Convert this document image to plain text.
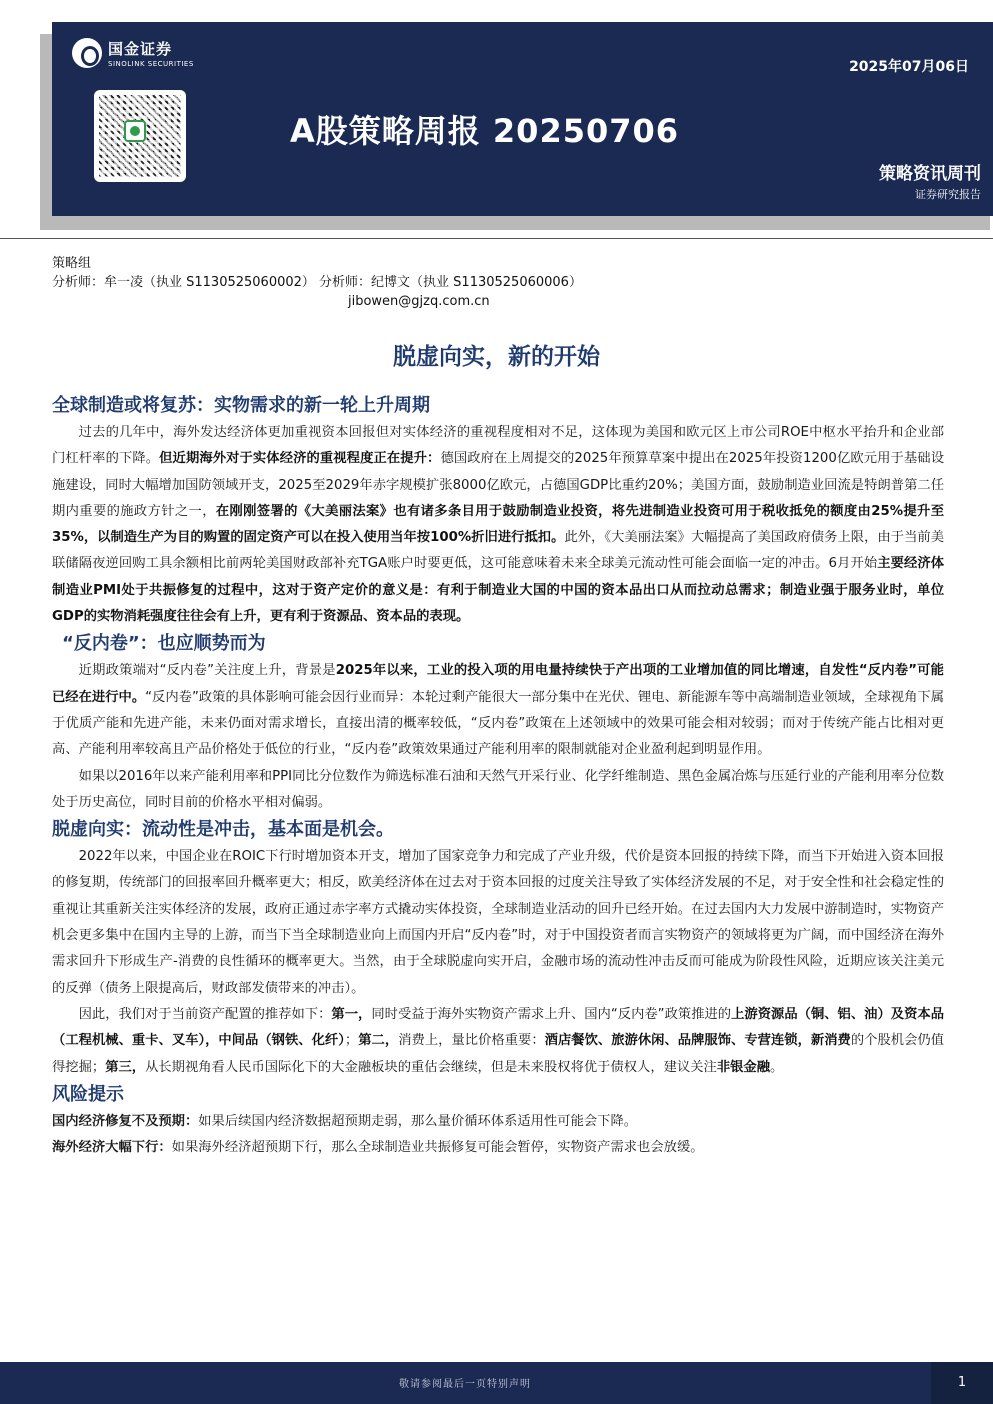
国金证券
SINOLINK SECURITIES	2025年07月06日
A股策略周报 20250706
策略资讯周刊
证券研究报告
策略组
分析师：牟一凌（执业 S1130525060002） 分析师：纪博文（执业 S1130525060006）
jibowen@gjzq.com.cn
脱虚向实，新的开始
全球制造或将复苏：实物需求的新一轮上升周期

过去的几年中，海外发达经济体更加重视资本回报但对实体经济的重视程度相对不足，这体现为美国和欧元区上市公司ROE中枢水平抬升和企业部门杠杆率的下降。但近期海外对于实体经济的重视程度正在提升：德国政府在上周提交的2025年预算草案中提出在2025年投资1200亿欧元用于基础设施建设，同时大幅增加国防领域开支，2025至2029年赤字规模扩张8000亿欧元，占德国GDP比重约20%；美国方面，鼓励制造业回流是特朗普第二任期内重要的施政方针之一，在刚刚签署的《大美丽法案》也有诸多条目用于鼓励制造业投资，将先进制造业投资可用于税收抵免的额度由25%提升至35%，以制造生产为目的购置的固定资产可以在投入使用当年按100%折旧进行抵扣。此外，《大美丽法案》大幅提高了美国政府债务上限，由于当前美联储隔夜逆回购工具余额相比前两轮美国财政部补充TGA账户时要更低，这可能意味着未来全球美元流动性可能会面临一定的冲击。6月开始主要经济体制造业PMI处于共振修复的过程中，这对于资产定价的意义是：有利于制造业大国的中国的资本品出口从而拉动总需求；制造业强于服务业时，单位GDP的实物消耗强度往往会有上升，更有利于资源品、资本品的表现。

“反内卷”：也应顺势而为

近期政策端对“反内卷”关注度上升，背景是2025年以来，工业的投入项的用电量持续快于产出项的工业增加值的同比增速，自发性“反内卷”可能已经在进行中。“反内卷”政策的具体影响可能会因行业而异：本轮过剩产能很大一部分集中在光伏、锂电、新能源车等中高端制造业领域，全球视角下属于优质产能和先进产能，未来仍面对需求增长，直接出清的概率较低，“反内卷”政策在上述领域中的效果可能会相对较弱；而对于传统产能占比相对更高、产能利用率较高且产品价格处于低位的行业，“反内卷”政策效果通过产能利用率的限制就能对企业盈利起到明显作用。

如果以2016年以来产能利用率和PPI同比分位数作为筛选标准石油和天然气开采行业、化学纤维制造、黑色金属冶炼与压延行业的产能利用率分位数处于历史高位，同时目前的价格水平相对偏弱。

脱虚向实：流动性是冲击，基本面是机会。

2022年以来，中国企业在ROIC下行时增加资本开支，增加了国家竞争力和完成了产业升级，代价是资本回报的持续下降，而当下开始进入资本回报的修复期，传统部门的回报率回升概率更大；相反，欧美经济体在过去对于资本回报的过度关注导致了实体经济发展的不足，对于安全性和社会稳定性的重视让其重新关注实体经济的发展，政府正通过赤字率方式撬动实体投资，全球制造业活动的回升已经开始。在过去国内大力发展中游制造时，实物资产机会更多集中在国内主导的上游，而当下当全球制造业向上而国内开启“反内卷”时，对于中国投资者而言实物资产的领域将更为广阔，而中国经济在海外需求回升下形成生产-消费的良性循环的概率更大。当然，由于全球脱虚向实开启，金融市场的流动性冲击反而可能成为阶段性风险，近期应该关注美元的反弹（债务上限提高后，财政部发债带来的冲击）。

因此，我们对于当前资产配置的推荐如下：第一，同时受益于海外实物资产需求上升、国内“反内卷”政策推进的上游资源品（铜、铝、油）及资本品（工程机械、重卡、叉车），中间品（钢铁、化纤）；第二，消费上，量比价格重要：酒店餐饮、旅游休闲、品牌服饰、专营连锁，新消费的个股机会仍值得挖掘；第三，从长期视角看人民币国际化下的大金融板块的重估会继续，但是未来股权将优于债权人，建议关注非银金融。

风险提示
国内经济修复不及预期：如果后续国内经济数据超预期走弱，那么量价循环体系适用性可能会下降。
海外经济大幅下行：如果海外经济超预期下行，那么全球制造业共振修复可能会暂停，实物资产需求也会放缓。
敬请参阅最后一页特别声明	1
